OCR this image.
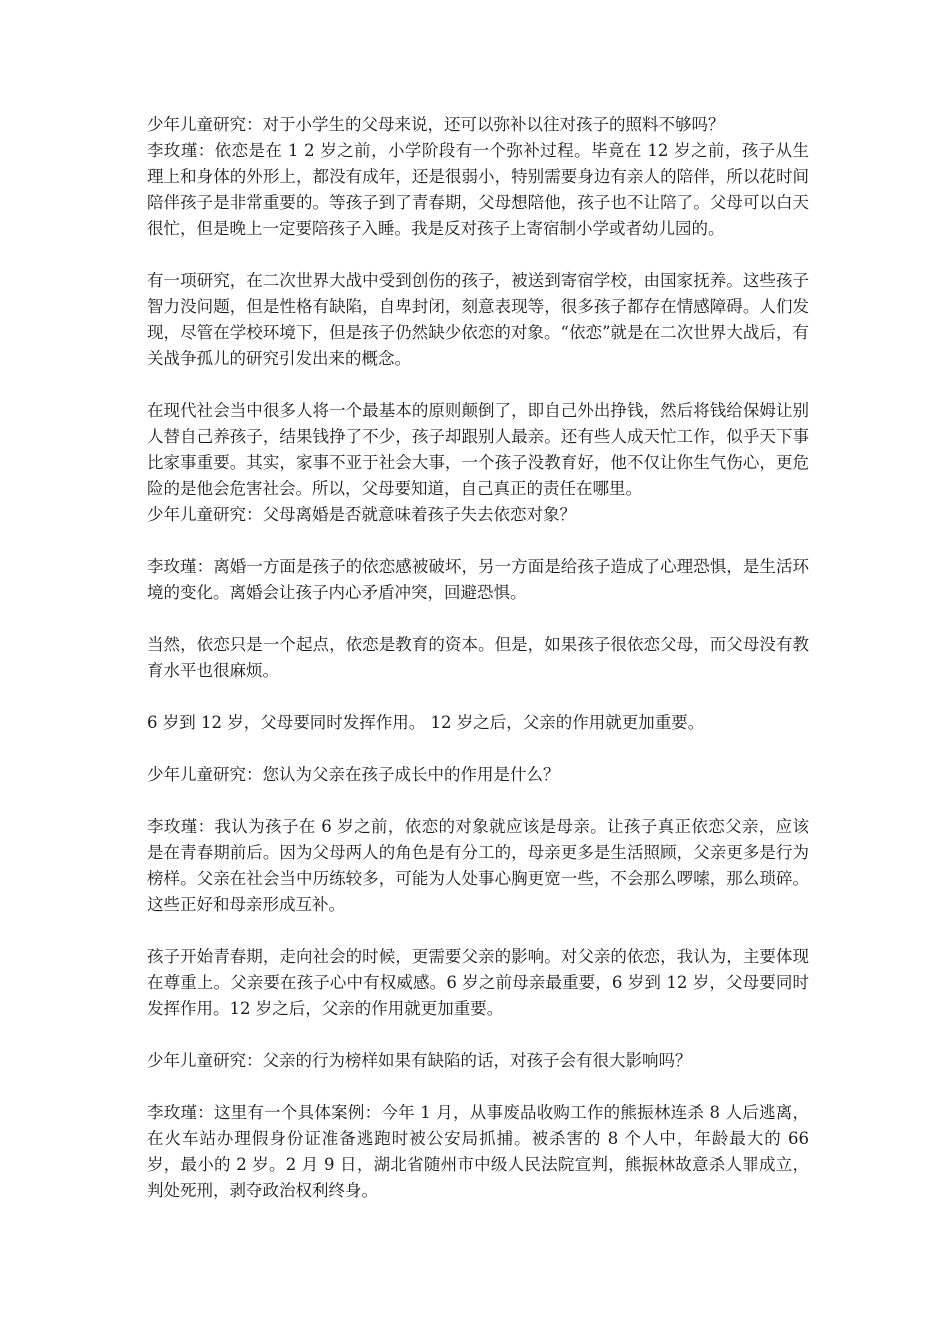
少年儿童研究：对于小学生的父母来说，还可以弥补以往对孩子的照料不够吗？

李玫瑾：依恋是在 1 2 岁之前，小学阶段有一个弥补过程。毕竟在 12 岁之前，孩子从生理上和身体的外形上，都没有成年，还是很弱小，特别需要身边有亲人的陪伴，所以花时间陪伴孩子是非常重要的。等孩子到了青春期，父母想陪他，孩子也不让陪了。父母可以白天很忙，但是晚上一定要陪孩子入睡。我是反对孩子上寄宿制小学或者幼儿园的。

有一项研究，在二次世界大战中受到创伤的孩子，被送到寄宿学校，由国家抚养。这些孩子智力没问题，但是性格有缺陷，自卑封闭，刻意表现等，很多孩子都存在情感障碍。人们发现，尽管在学校环境下，但是孩子仍然缺少依恋的对象。“依恋”就是在二次世界大战后，有关战争孤儿的研究引发出来的概念。

在现代社会当中很多人将一个最基本的原则颠倒了，即自己外出挣钱，然后将钱给保姆让别人替自己养孩子，结果钱挣了不少，孩子却跟别人最亲。还有些人成天忙工作，似乎天下事比家事重要。其实，家事不亚于社会大事，一个孩子没教育好，他不仅让你生气伤心，更危险的是他会危害社会。所以，父母要知道，自己真正的责任在哪里。

少年儿童研究：父母离婚是否就意味着孩子失去依恋对象？

李玫瑾：离婚一方面是孩子的依恋感被破坏，另一方面是给孩子造成了心理恐惧，是生活环境的变化。离婚会让孩子内心矛盾冲突，回避恐惧。

当然，依恋只是一个起点，依恋是教育的资本。但是，如果孩子很依恋父母，而父母没有教育水平也很麻烦。

6 岁到 12 岁，父母要同时发挥作用。 12 岁之后，父亲的作用就更加重要。

少年儿童研究：您认为父亲在孩子成长中的作用是什么？

李玫瑾：我认为孩子在 6 岁之前，依恋的对象就应该是母亲。让孩子真正依恋父亲，应该是在青春期前后。因为父母两人的角色是有分工的，母亲更多是生活照顾，父亲更多是行为榜样。父亲在社会当中历练较多，可能为人处事心胸更宽一些，不会那么啰嗦，那么琐碎。这些正好和母亲形成互补。

孩子开始青春期，走向社会的时候，更需要父亲的影响。对父亲的依恋，我认为，主要体现在尊重上。父亲要在孩子心中有权威感。6 岁之前母亲最重要，6 岁到 12 岁，父母要同时发挥作用。12 岁之后，父亲的作用就更加重要。

少年儿童研究：父亲的行为榜样如果有缺陷的话，对孩子会有很大影响吗？

李玫瑾：这里有一个具体案例：今年 1 月，从事废品收购工作的熊振林连杀 8 人后逃离，在火车站办理假身份证准备逃跑时被公安局抓捕。被杀害的 8 个人中，年龄最大的 66 岁，最小的 2 岁。2 月 9 日，湖北省随州市中级人民法院宣判，熊振林故意杀人罪成立，判处死刑，剥夺政治权利终身。
